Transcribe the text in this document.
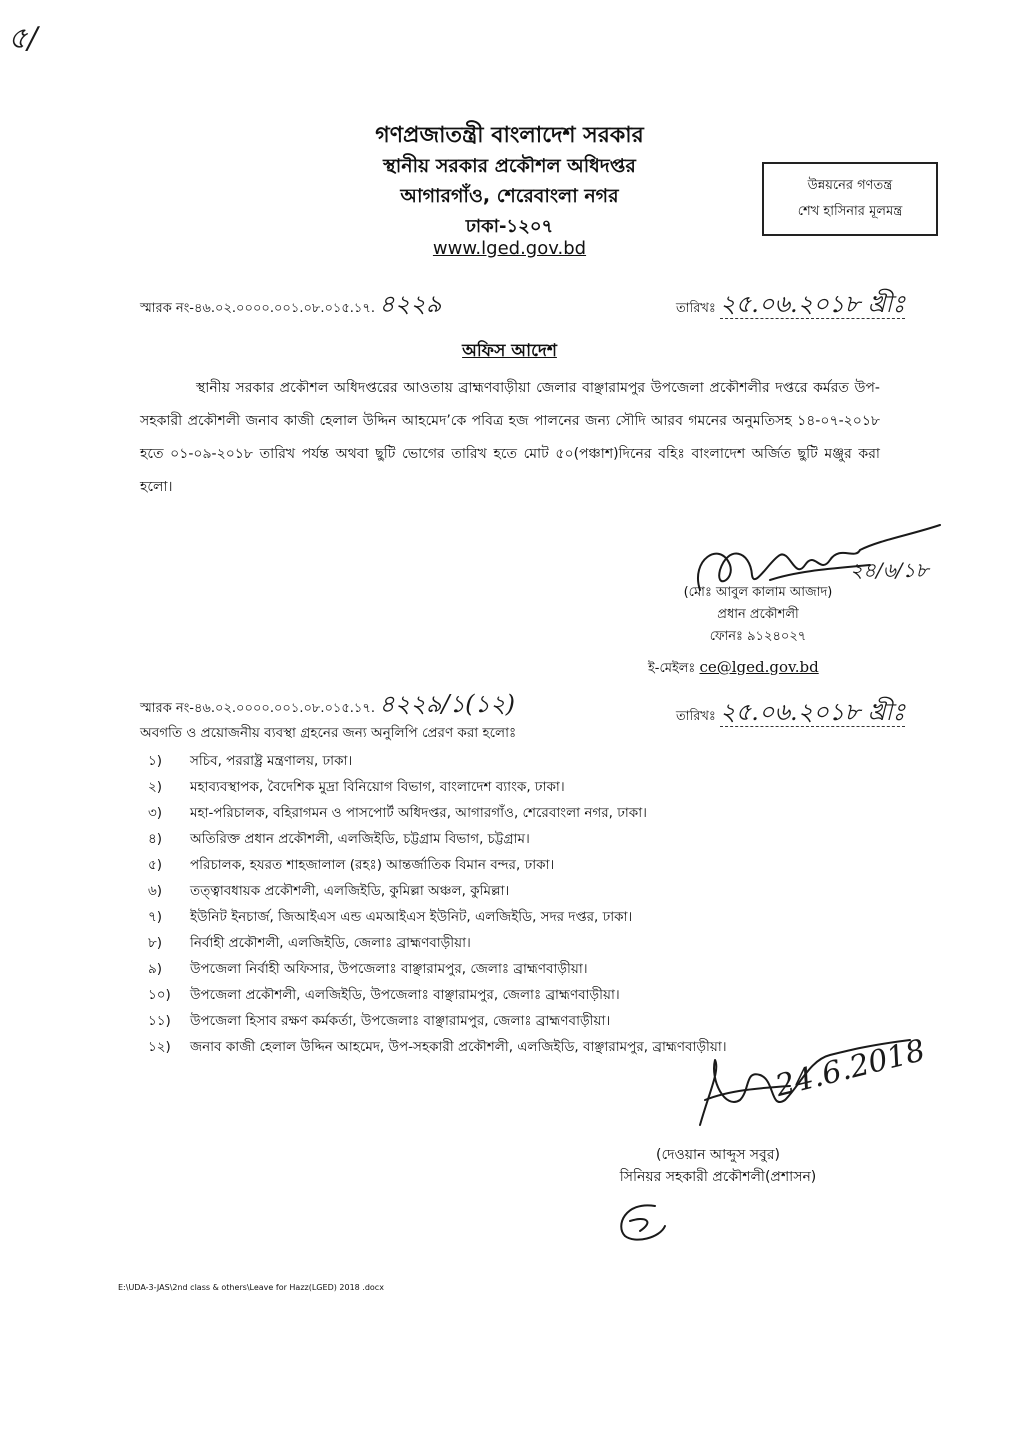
৫/
গণপ্রজাতন্ত্রী বাংলাদেশ সরকার
স্থানীয় সরকার প্রকৌশল অধিদপ্তর
আগারগাঁও, শেরেবাংলা নগর
ঢাকা-১২০৭
www.lged.gov.bd
উন্নয়নের গণতন্ত্র
শেখ হাসিনার মূলমন্ত্র
স্মারক নং-৪৬.০২.০০০০.০০১.০৮.০১৫.১৭. ৪২২৯	তারিখঃ ২৫.০৬.২০১৮ খ্রীঃ
অফিস আদেশ
স্থানীয় সরকার প্রকৌশল অধিদপ্তরের আওতায় ব্রাহ্মণবাড়ীয়া জেলার বাঞ্ছারামপুর উপজেলা প্রকৌশলীর দপ্তরে কর্মরত উপ-সহকারী প্রকৌশলী জনাব কাজী হেলাল উদ্দিন আহমেদ’কে পবিত্র হজ পালনের জন্য সৌদি আরব গমনের অনুমতিসহ ১৪-০৭-২০১৮ হতে ০১-০৯-২০১৮ তারিখ পর্যন্ত অথবা ছুটি ভোগের তারিখ হতে মোট ৫০(পঞ্চাশ)দিনের বহিঃ বাংলাদেশ অর্জিত ছুটি মঞ্জুর করা হলো।
২৪/৬/১৮
(মোঃ আবুল কালাম আজাদ)
প্রধান প্রকৌশলী
ফোনঃ ৯১২৪০২৭
ই-মেইলঃ ce@lged.gov.bd
স্মারক নং-৪৬.০২.০০০০.০০১.০৮.০১৫.১৭. ৪২২৯/১(১২)	তারিখঃ ২৫.০৬.২০১৮ খ্রীঃ
অবগতি ও প্রয়োজনীয় ব্যবস্থা গ্রহনের জন্য অনুলিপি প্রেরণ করা হলোঃ
১) সচিব, পররাষ্ট্র মন্ত্রণালয়, ঢাকা।
২) মহাব্যবস্থাপক, বৈদেশিক মুদ্রা বিনিয়োগ বিভাগ, বাংলাদেশ ব্যাংক, ঢাকা।
৩) মহা-পরিচালক, বহিরাগমন ও পাসপোর্ট অধিদপ্তর, আগারগাঁও, শেরেবাংলা নগর, ঢাকা।
৪) অতিরিক্ত প্রধান প্রকৌশলী, এলজিইডি, চট্টগ্রাম বিভাগ, চট্টগ্রাম।
৫) পরিচালক, হযরত শাহজালাল (রহঃ) আন্তর্জাতিক বিমান বন্দর, ঢাকা।
৬) তত্ত্বাবধায়ক প্রকৌশলী, এলজিইডি, কুমিল্লা অঞ্চল, কুমিল্লা।
৭) ইউনিট ইনচার্জ, জিআইএস এন্ড এমআইএস ইউনিট, এলজিইডি, সদর দপ্তর, ঢাকা।
৮) নির্বাহী প্রকৌশলী, এলজিইডি, জেলাঃ ব্রাহ্মণবাড়ীয়া।
৯) উপজেলা নির্বাহী অফিসার, উপজেলাঃ বাঞ্ছারামপুর, জেলাঃ ব্রাহ্মণবাড়ীয়া।
১০) উপজেলা প্রকৌশলী, এলজিইডি, উপজেলাঃ বাঞ্ছারামপুর, জেলাঃ ব্রাহ্মণবাড়ীয়া।
১১) উপজেলা হিসাব রক্ষণ কর্মকর্তা, উপজেলাঃ বাঞ্ছারামপুর, জেলাঃ ব্রাহ্মণবাড়ীয়া।
১২) জনাব কাজী হেলাল উদ্দিন আহমেদ, উপ-সহকারী প্রকৌশলী, এলজিইডি, বাঞ্ছারামপুর, ব্রাহ্মণবাড়ীয়া।	24.6.2018
(দেওয়ান আব্দুস সবুর)
সিনিয়র সহকারী প্রকৌশলী(প্রশাসন)
E:\UDA-3-JAS\2nd class & others\Leave for Hazz(LGED) 2018 .docx
